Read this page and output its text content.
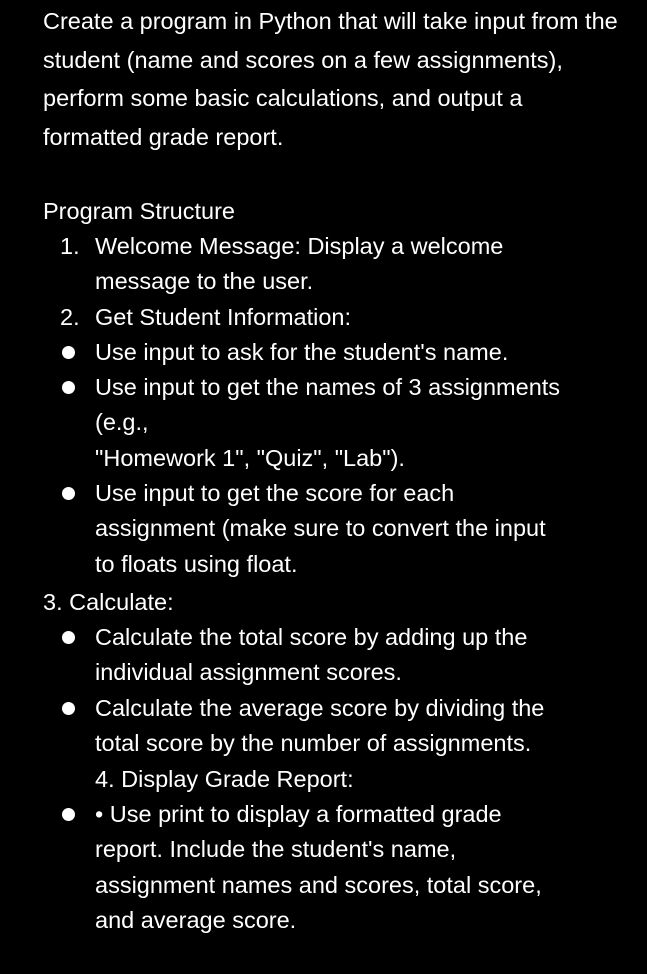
Create a program in Python that will take input from the student (name and scores on a few assignments), perform some basic calculations, and output a formatted grade report.

Program Structure

1. Welcome Message: Display a welcome
message to the user.
2. Get Student Information:
Use input to ask for the student's name.
Use input to get the names of 3 assignments
(e.g.,
"Homework 1", "Quiz", "Lab").
Use input to get the score for each
assignment (make sure to convert the input
to floats using float.
3. Calculate:
Calculate the total score by adding up the
individual assignment scores.
Calculate the average score by dividing the
total score by the number of assignments.
4. Display Grade Report:
• Use print to display a formatted grade
report. Include the student's name,
assignment names and scores, total score,
and average score.
